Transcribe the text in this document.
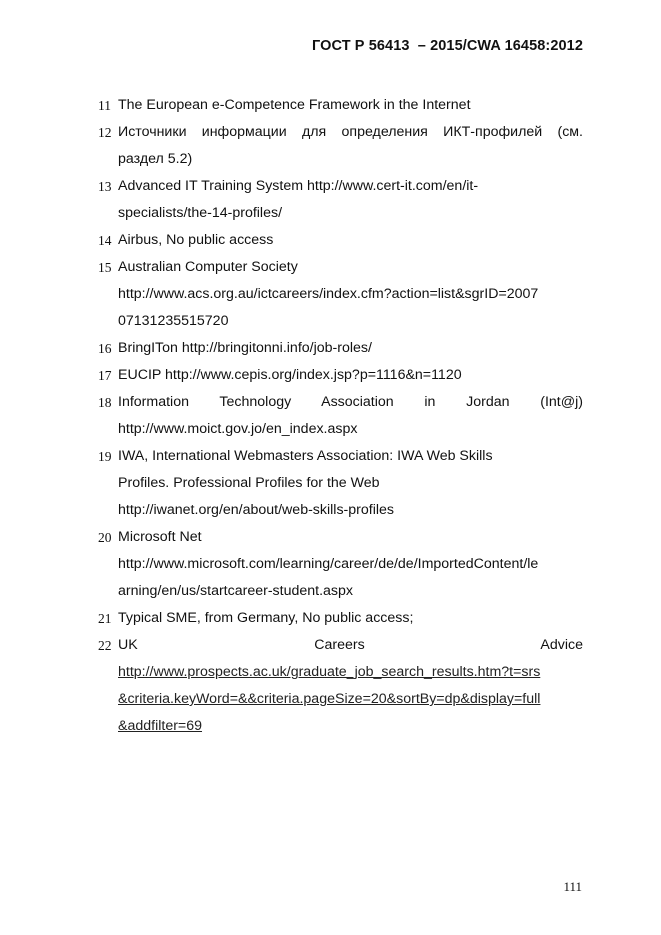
ГОСТ Р 56413  – 2015/CWA 16458:2012
11 The European e-Competence Framework in the Internet
12 Источники информации для определения ИКТ-профилей (см.
раздел 5.2)
13 Advanced IT Training System http://www.cert-it.com/en/it-
specialists/the-14-profiles/
14 Airbus, No public access
15 Australian Computer Society
http://www.acs.org.au/ictcareers/index.cfm?action=list&sgrID=2007
07131235515720
16 BringITon http://bringitonni.info/job-roles/
17 EUCIP http://www.cepis.org/index.jsp?p=1116&n=1120
18 Information Technology Association in Jordan (Int@j)
http://www.moict.gov.jo/en_index.aspx
19 IWA, International Webmasters Association: IWA Web Skills
Profiles. Professional Profiles for the Web
http://iwanet.org/en/about/web-skills-profiles
20 Microsoft Net
http://www.microsoft.com/learning/career/de/de/ImportedContent/le
arning/en/us/startcareer-student.aspx
21 Typical SME, from Germany, No public access;
22 UK Careers Advice
http://www.prospects.ac.uk/graduate_job_search_results.htm?t=srs
&criteria.keyWord=&&criteria.pageSize=20&sortBy=dp&display=full
&addfilter=69
111
